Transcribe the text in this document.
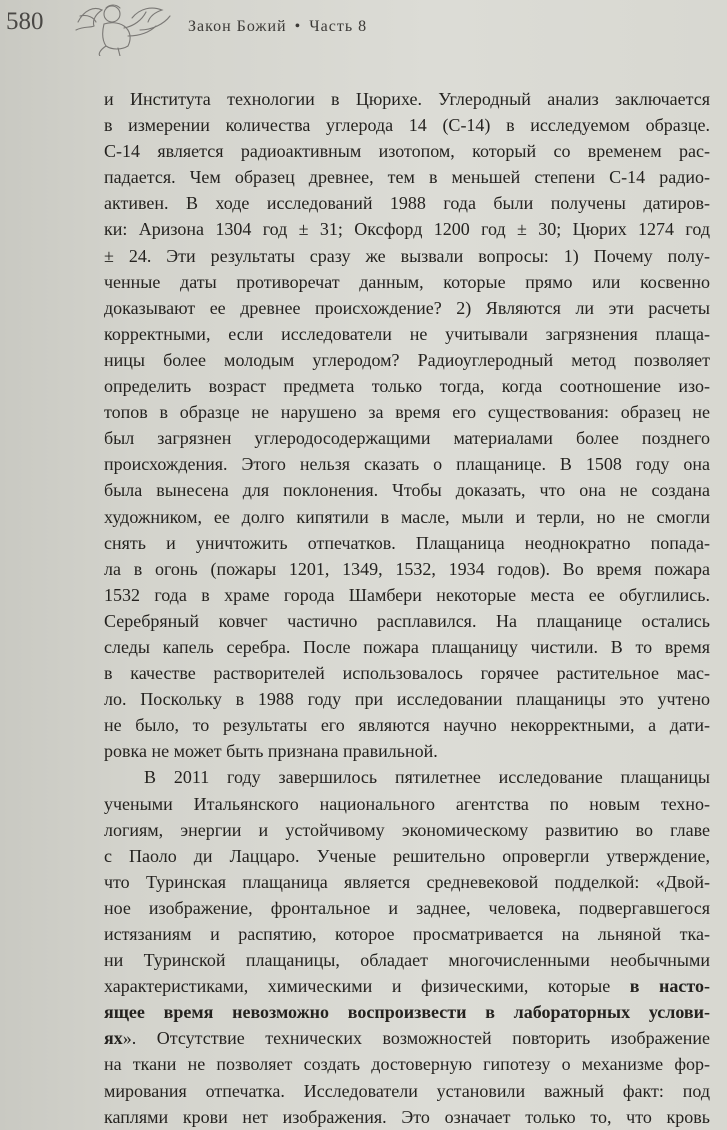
580	Закон Божий • Часть 8
и Института технологии в Цюрихе. Углеродный анализ заключается
в измерении количества углерода 14 (С-14) в исследуемом образце.
С-14 является радиоактивным изотопом, который со временем рас-
падается. Чем образец древнее, тем в меньшей степени С-14 радио-
активен. В ходе исследований 1988 года были получены датиров-
ки: Аризона 1304 год ± 31; Оксфорд 1200 год ± 30; Цюрих 1274 год
± 24. Эти результаты сразу же вызвали вопросы: 1) Почему полу-
ченные даты противоречат данным, которые прямо или косвенно
доказывают ее древнее происхождение? 2) Являются ли эти расчеты
корректными, если исследователи не учитывали загрязнения плаща-
ницы более молодым углеродом? Радиоуглеродный метод позволяет
определить возраст предмета только тогда, когда соотношение изо-
топов в образце не нарушено за время его существования: образец не
был загрязнен углеродосодержащими материалами более позднего
происхождения. Этого нельзя сказать о плащанице. В 1508 году она
была вынесена для поклонения. Чтобы доказать, что она не создана
художником, ее долго кипятили в масле, мыли и терли, но не смогли
снять и уничтожить отпечатков. Плащаница неоднократно попада-
ла в огонь (пожары 1201, 1349, 1532, 1934 годов). Во время пожара
1532 года в храме города Шамбери некоторые места ее обуглились.
Серебряный ковчег частично расплавился. На плащанице остались
следы капель серебра. После пожара плащаницу чистили. В то время
в качестве растворителей использовалось горячее растительное мас-
ло. Поскольку в 1988 году при исследовании плащаницы это учтено
не было, то результаты его являются научно некорректными, а дати-
ровка не может быть признана правильной.
В 2011 году завершилось пятилетнее исследование плащаницы
учеными Итальянского национального агентства по новым техно-
логиям, энергии и устойчивому экономическому развитию во главе
с Паоло ди Лаццаро. Ученые решительно опровергли утверждение,
что Туринская плащаница является средневековой подделкой: «Двой-
ное изображение, фронтальное и заднее, человека, подвергавшегося
истязаниям и распятию, которое просматривается на льняной тка-
ни Туринской плащаницы, обладает многочисленными необычными
характеристиками, химическими и физическими, которые в насто-
ящее время невозможно воспроизвести в лабораторных услови-
ях». Отсутствие технических возможностей повторить изображение
на ткани не позволяет создать достоверную гипотезу о механизме фор-
мирования отпечатка. Исследователи установили важный факт: под
каплями крови нет изображения. Это означает только то, что кровь
